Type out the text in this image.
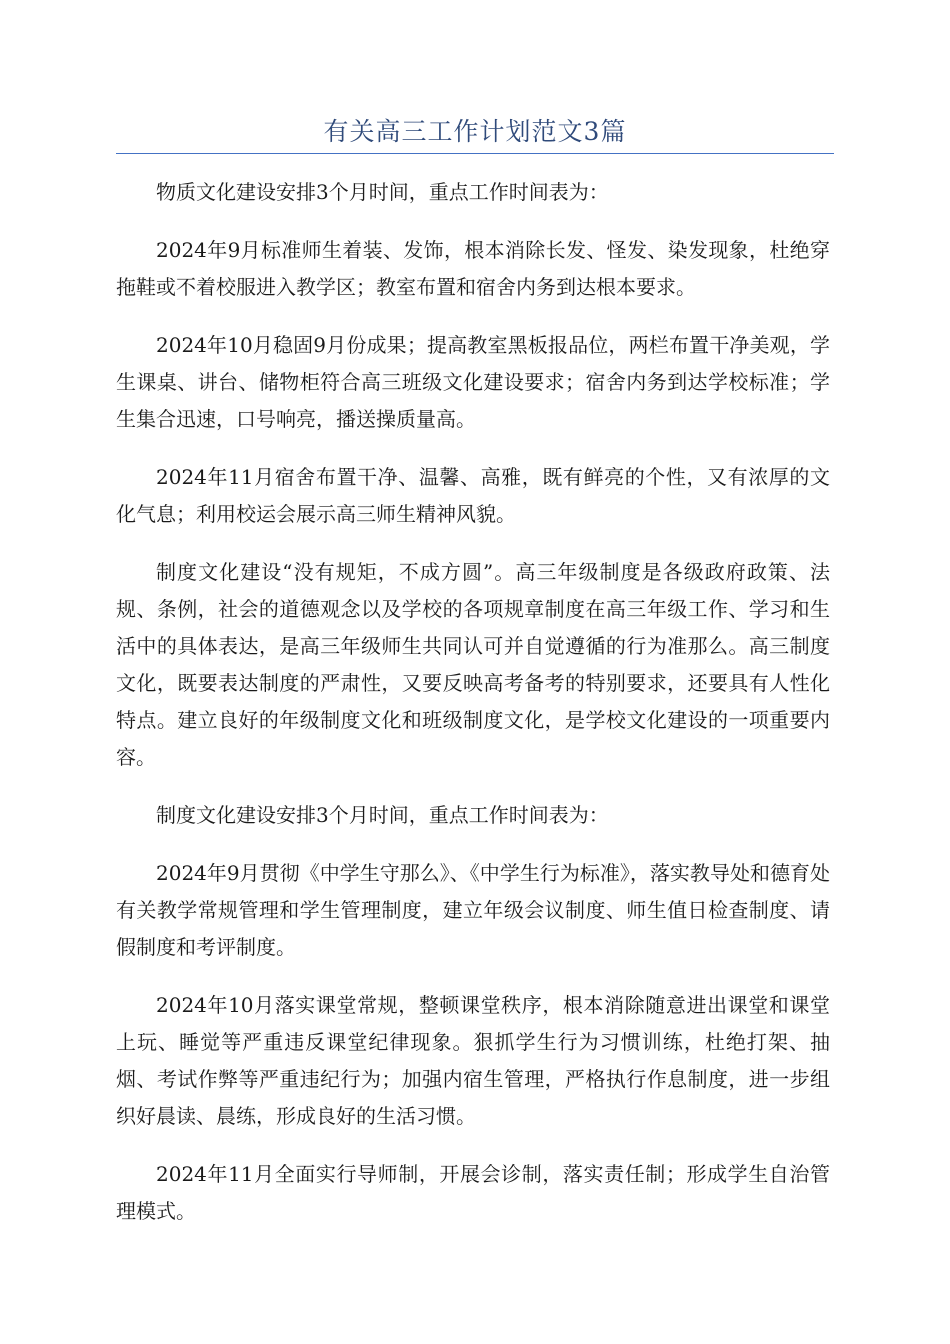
有关高三工作计划范文3篇

物质文化建设安排3个月时间，重点工作时间表为：

2024年9月标准师生着装、发饰，根本消除长发、怪发、染发现象，杜绝穿拖鞋或不着校服进入教学区；教室布置和宿舍内务到达根本要求。

2024年10月稳固9月份成果；提高教室黑板报品位，两栏布置干净美观，学生课桌、讲台、储物柜符合高三班级文化建设要求；宿舍内务到达学校标准；学生集合迅速，口号响亮，播送操质量高。

2024年11月宿舍布置干净、温馨、高雅，既有鲜亮的个性，又有浓厚的文化气息；利用校运会展示高三师生精神风貌。

制度文化建设“没有规矩，不成方圆”。高三年级制度是各级政府政策、法规、条例，社会的道德观念以及学校的各项规章制度在高三年级工作、学习和生活中的具体表达，是高三年级师生共同认可并自觉遵循的行为准那么。高三制度文化，既要表达制度的严肃性，又要反映高考备考的特别要求，还要具有人性化特点。建立良好的年级制度文化和班级制度文化，是学校文化建设的一项重要内容。

制度文化建设安排3个月时间，重点工作时间表为：

2024年9月贯彻《中学生守那么》、《中学生行为标准》，落实教导处和德育处有关教学常规管理和学生管理制度，建立年级会议制度、师生值日检查制度、请假制度和考评制度。

2024年10月落实课堂常规，整顿课堂秩序，根本消除随意进出课堂和课堂上玩、睡觉等严重违反课堂纪律现象。狠抓学生行为习惯训练，杜绝打架、抽烟、考试作弊等严重违纪行为；加强内宿生管理，严格执行作息制度，进一步组织好晨读、晨练，形成良好的生活习惯。

2024年11月全面实行导师制，开展会诊制，落实责任制；形成学生自治管理模式。
